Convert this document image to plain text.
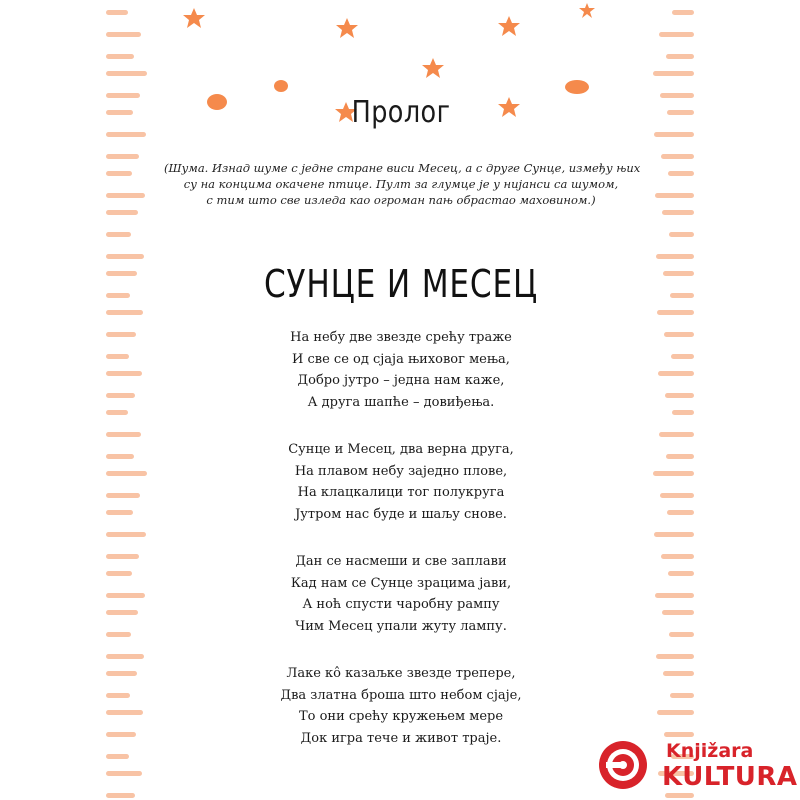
Пролог
(Шума. Изнад шуме с једне стране виси Месец, а с друге Сунце, између њих
су на концима окачене птице. Пулт за глумце је у нијанси са шумом,
с тим што све изледа као огроман пањ обрастао маховином.)
СУНЦЕ И МЕСЕЦ
На небу две звезде срећу траже
И све се од сјаја њиховог мења,
Добро јутро – једна нам каже,
А друга шапће – довиђења.
Сунце и Месец, два верна друга,
На плавом небу заједно плове,
На клацкалици тог полукруга
Јутром нас буде и шаљу снове.
Дан се насмеши и све заплави
Кад нам се Сунце зрацима јави,
А ноћ спусти чаробну рампу
Чим Месец упали жуту лампу.
Лаке кô казаљке звезде трепере,
Два златна броша што небом сјаје,
То они срећу кружењем мере
Док игра тече и живот траје.
Knjižara
KULTURA
